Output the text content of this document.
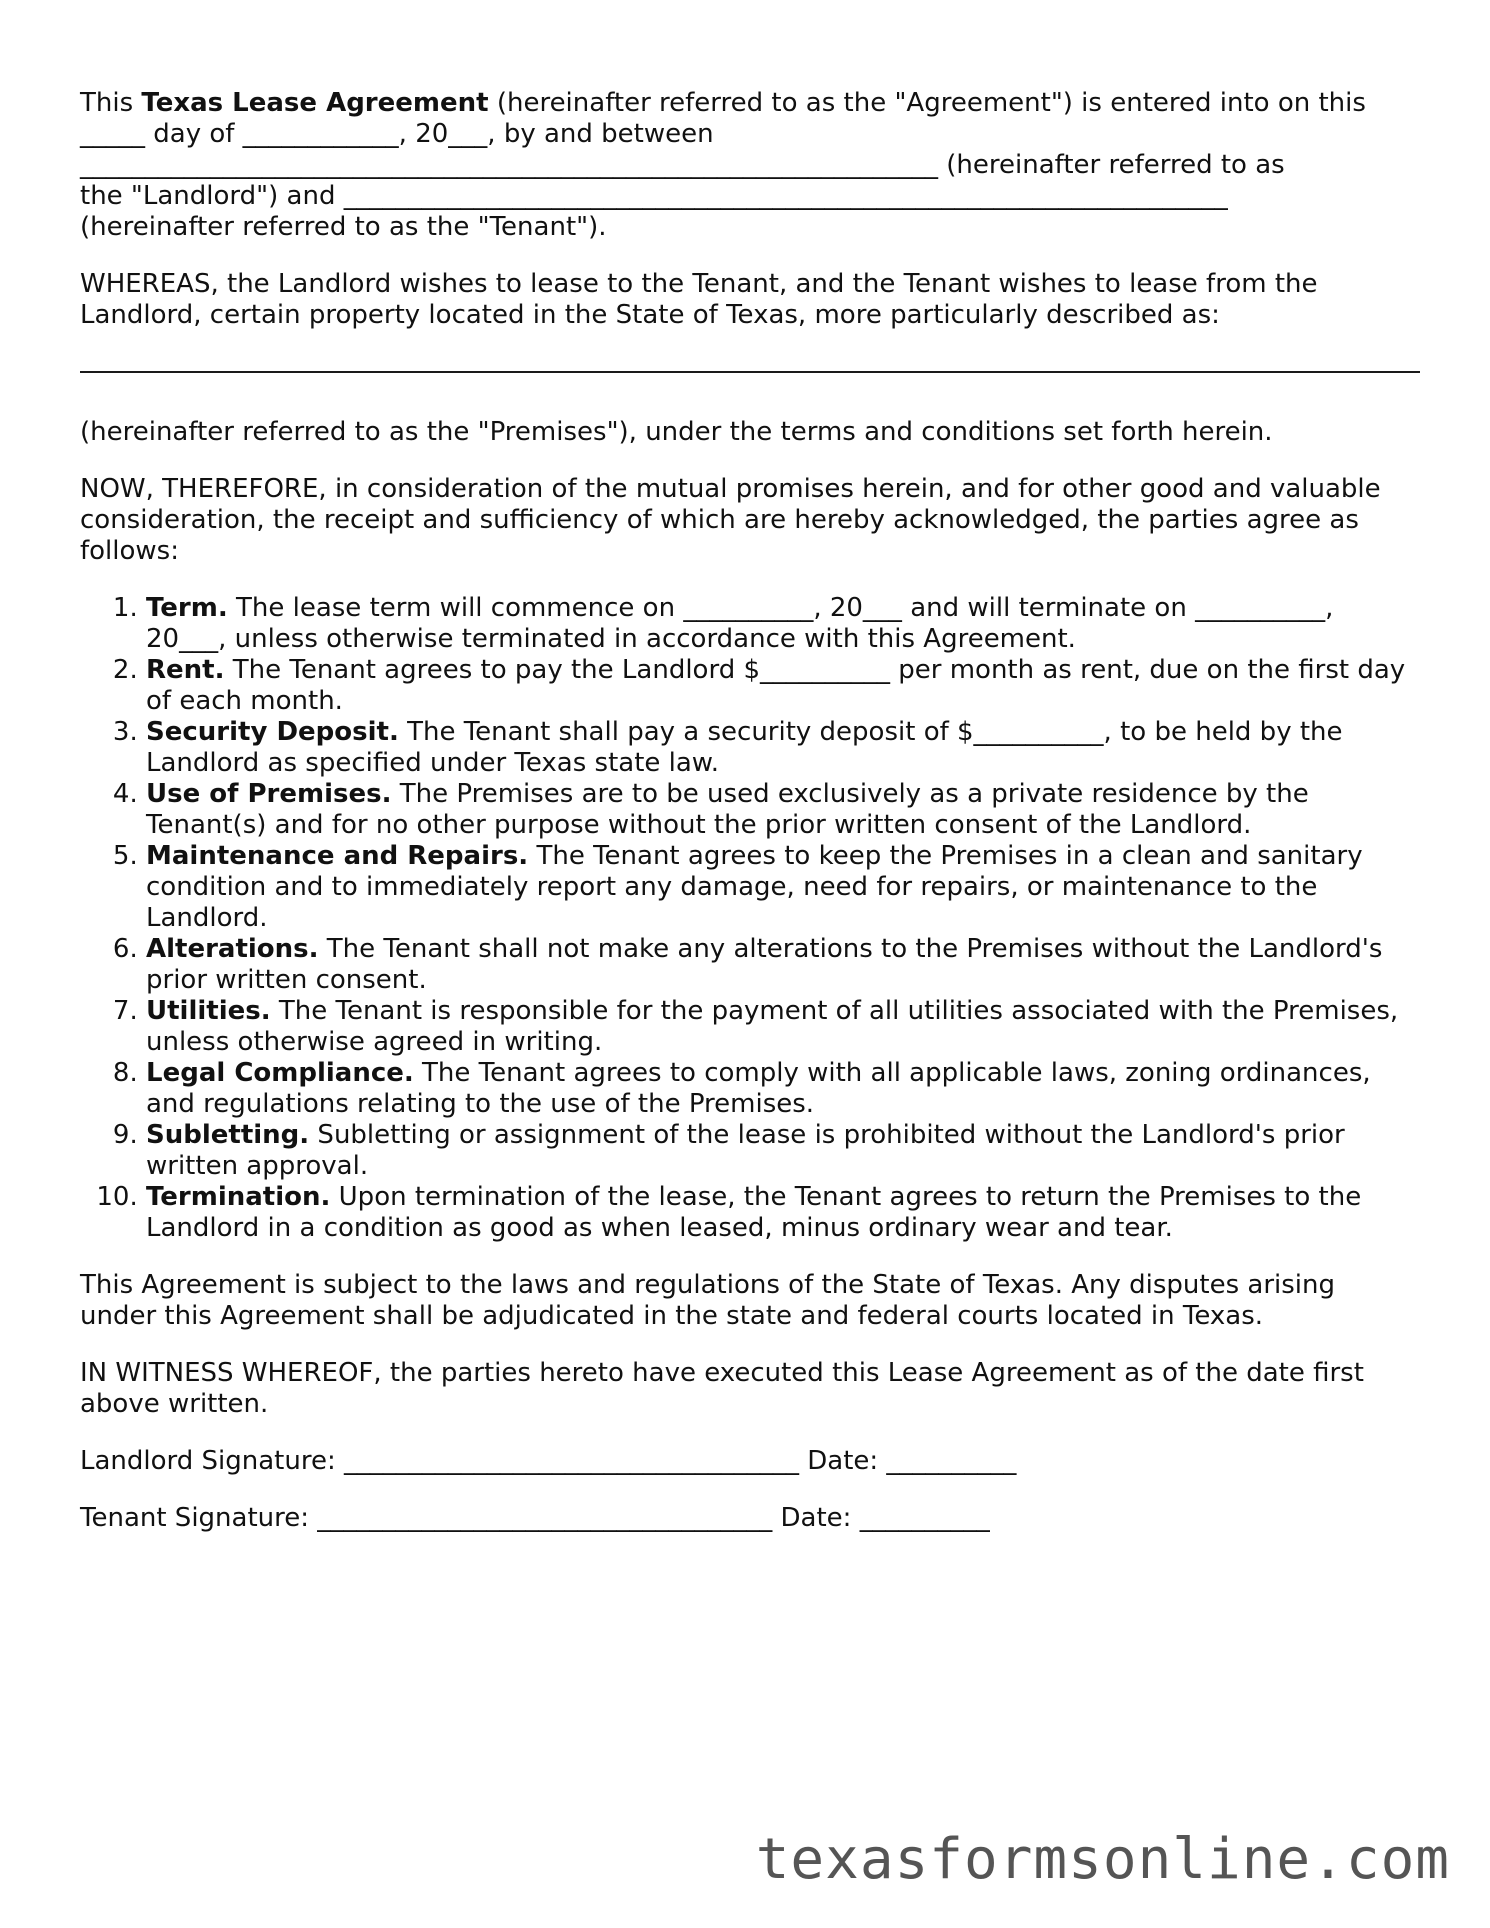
This Texas Lease Agreement (hereinafter referred to as the "Agreement") is entered into on this
_____ day of ____________, 20___, by and between
__________________________________________________________________ (hereinafter referred to as
the "Landlord") and ____________________________________________________________________
(hereinafter referred to as the "Tenant").

WHEREAS, the Landlord wishes to lease to the Tenant, and the Tenant wishes to lease from the
Landlord, certain property located in the State of Texas, more particularly described as:

(hereinafter referred to as the "Premises"), under the terms and conditions set forth herein.

NOW, THEREFORE, in consideration of the mutual promises herein, and for other good and valuable
consideration, the receipt and sufficiency of which are hereby acknowledged, the parties agree as
follows:

1. Term. The lease term will commence on __________, 20___ and will terminate on __________, 20___, unless otherwise terminated in accordance with this Agreement.
2. Rent. The Tenant agrees to pay the Landlord $__________ per month as rent, due on the first day of each month.
3. Security Deposit. The Tenant shall pay a security deposit of $__________, to be held by the Landlord as specified under Texas state law.
4. Use of Premises. The Premises are to be used exclusively as a private residence by the Tenant(s) and for no other purpose without the prior written consent of the Landlord.
5. Maintenance and Repairs. The Tenant agrees to keep the Premises in a clean and sanitary condition and to immediately report any damage, need for repairs, or maintenance to the Landlord.
6. Alterations. The Tenant shall not make any alterations to the Premises without the Landlord's prior written consent.
7. Utilities. The Tenant is responsible for the payment of all utilities associated with the Premises, unless otherwise agreed in writing.
8. Legal Compliance. The Tenant agrees to comply with all applicable laws, zoning ordinances, and regulations relating to the use of the Premises.
9. Subletting. Subletting or assignment of the lease is prohibited without the Landlord's prior written approval.
10. Termination. Upon termination of the lease, the Tenant agrees to return the Premises to the Landlord in a condition as good as when leased, minus ordinary wear and tear.

This Agreement is subject to the laws and regulations of the State of Texas. Any disputes arising
under this Agreement shall be adjudicated in the state and federal courts located in Texas.

IN WITNESS WHEREOF, the parties hereto have executed this Lease Agreement as of the date first
above written.

Landlord Signature: ___________________________________ Date: __________

Tenant Signature: ___________________________________ Date: __________

texasformsonline.com
